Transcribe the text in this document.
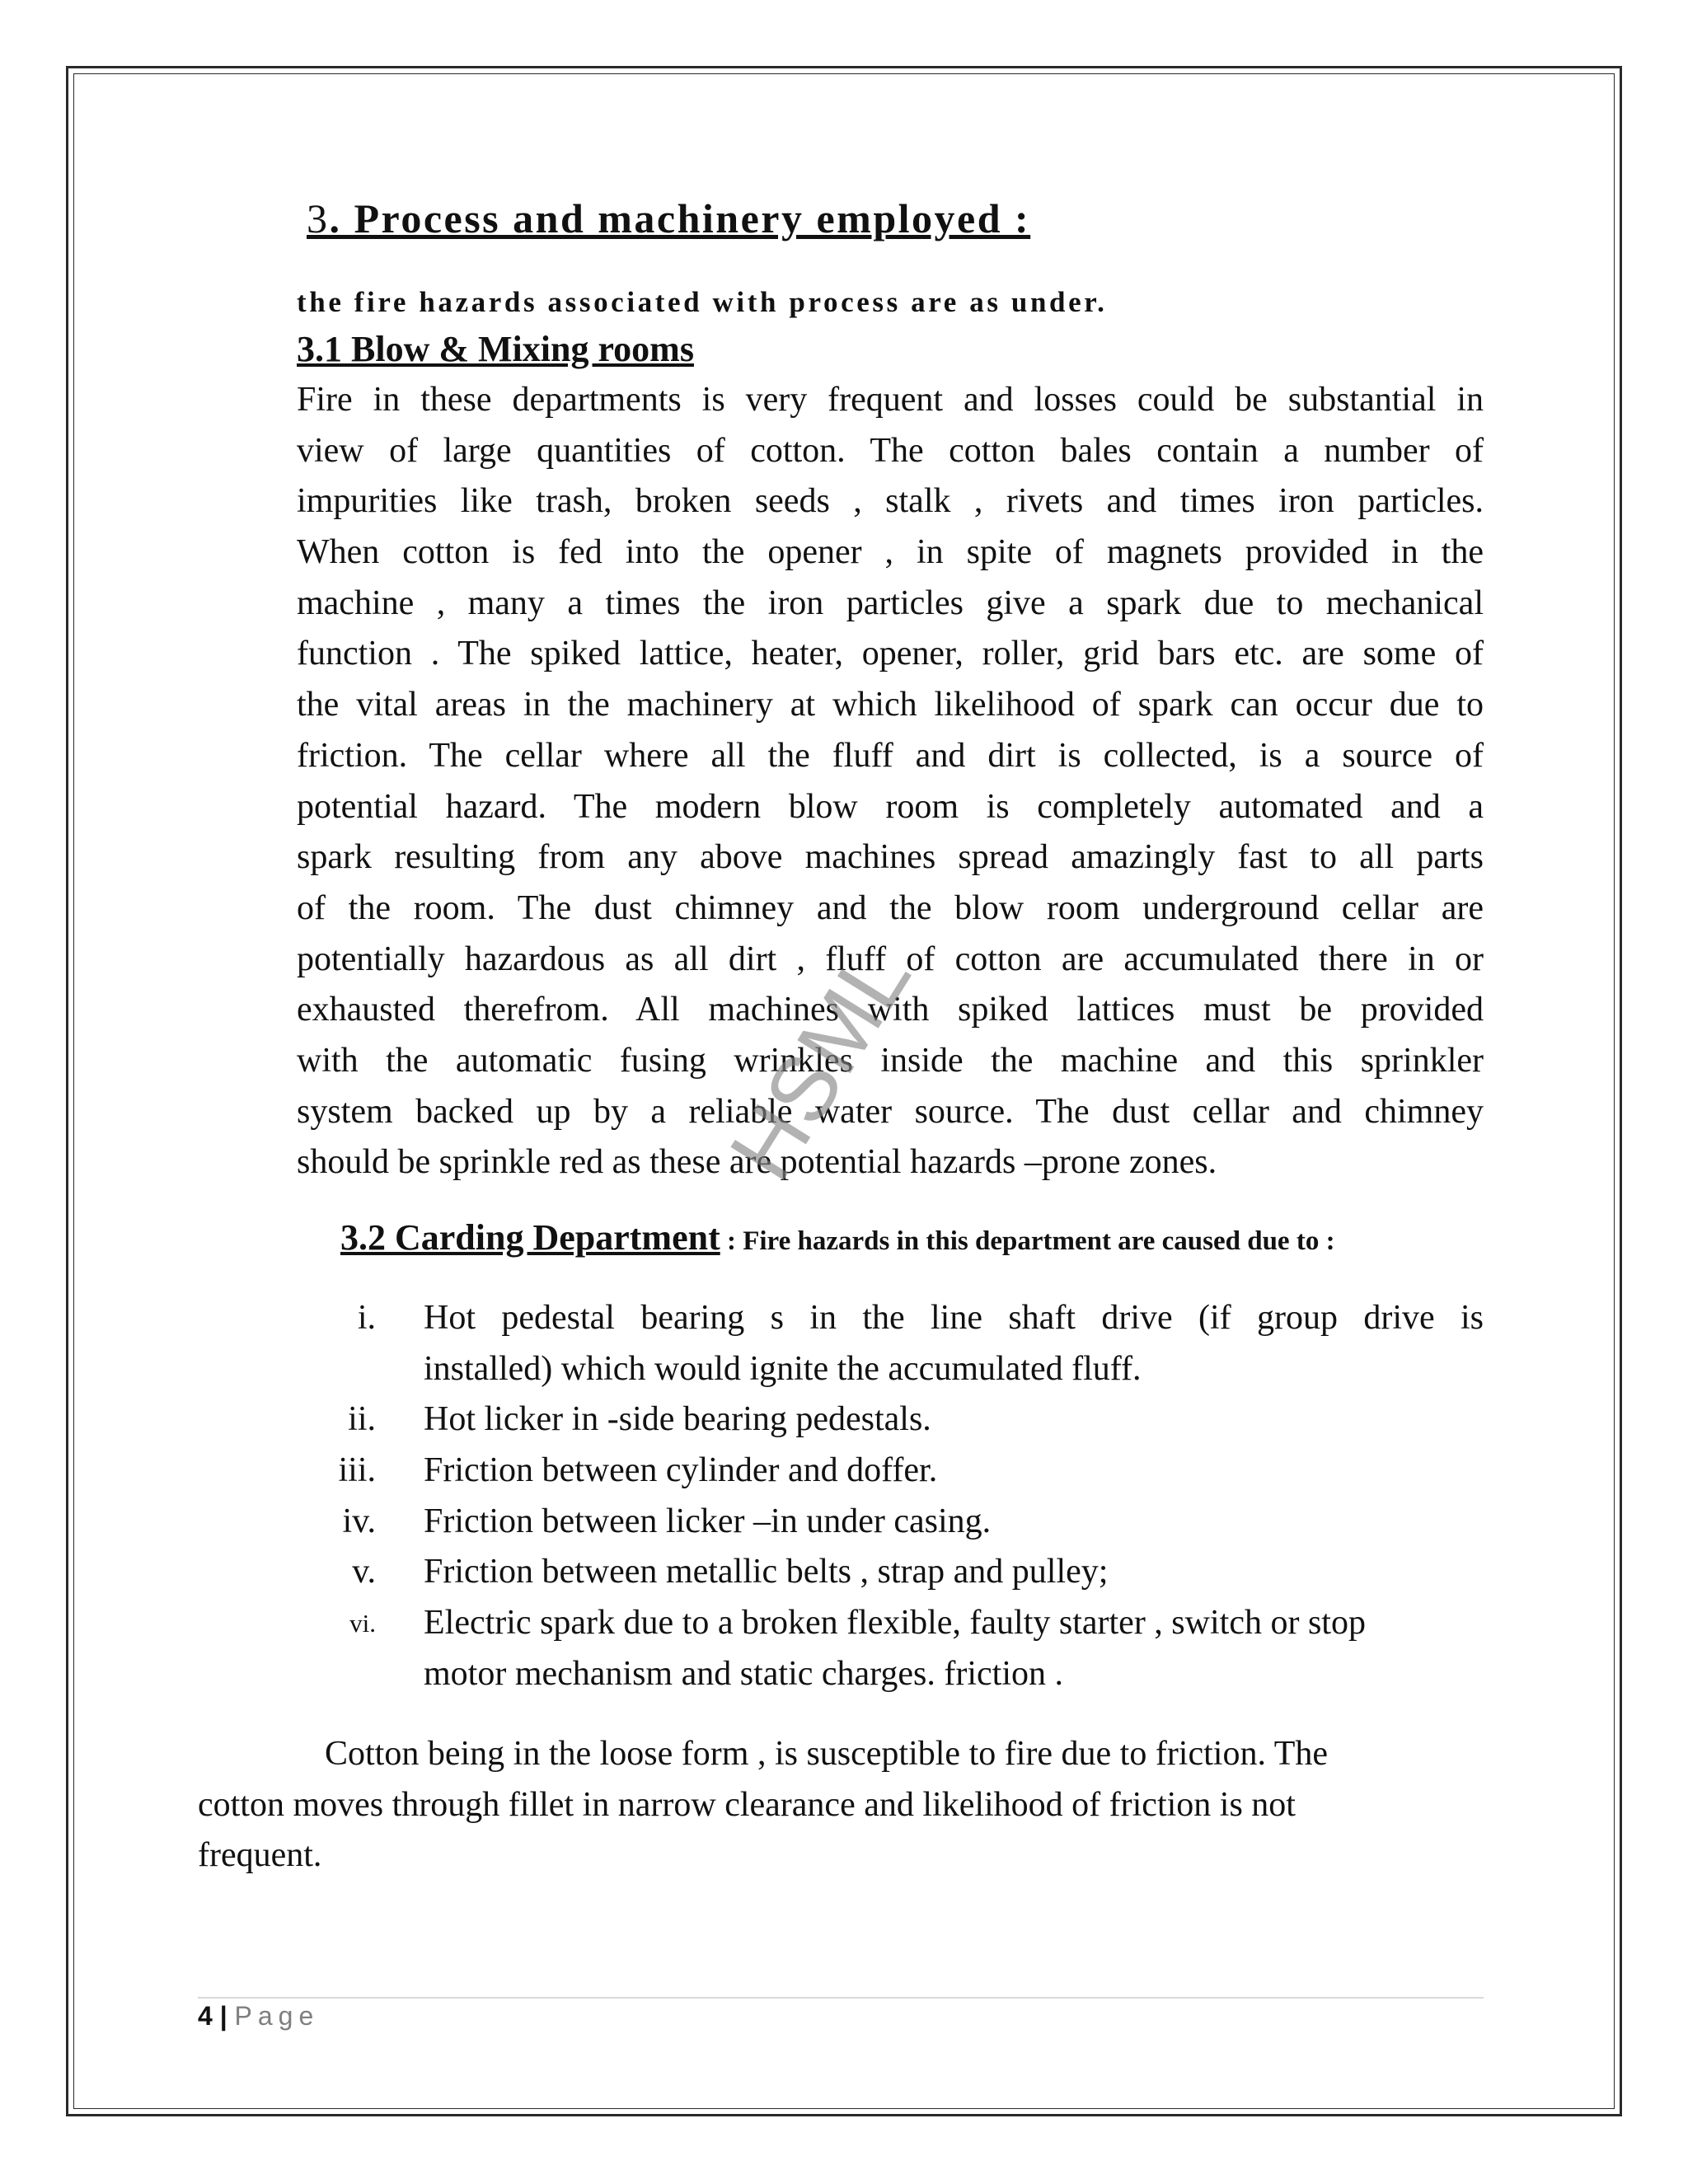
3. Process and machinery employed :
the fire hazards associated with process are as under.
3.1 Blow & Mixing rooms
Fire in these departments is very frequent and losses could be substantial in
view of large quantities of cotton. The cotton bales contain a number of
impurities like trash, broken seeds , stalk , rivets and times iron particles.
When cotton is fed into the opener , in spite of magnets provided in the
machine , many a times the iron particles give a spark due to mechanical
function . The spiked lattice, heater, opener, roller, grid bars etc. are some of
the vital areas in the machinery at which likelihood of spark can occur due to
friction. The cellar where all the fluff and dirt is collected, is a source of
potential hazard. The modern blow room is completely automated and a
spark resulting from any above machines spread amazingly fast to all parts
of the room. The dust chimney and the blow room underground cellar are
potentially hazardous as all dirt , fluff of cotton are accumulated there in or
exhausted therefrom. All machines with spiked lattices must be provided
with the automatic fusing wrinkles inside the machine and this sprinkler
system backed up by a reliable water source. The dust cellar and chimney
should be sprinkle red as these are potential hazards –prone zones.
3.2 Carding Department : Fire hazards in this department are caused due to :
i.	Hot pedestal bearing s in the line shaft drive (if group drive is
installed) which would ignite the accumulated fluff.
ii.	Hot licker in -side bearing pedestals.
iii.	Friction between cylinder and doffer.
iv.	Friction between licker –in under casing.
v.	Friction between metallic belts , strap and pulley;
vi.	Electric spark due to a broken flexible, faulty starter , switch or stop
motor mechanism and static charges. friction .
Cotton being in the loose form , is susceptible to fire due to friction. The
cotton moves through fillet in narrow clearance and likelihood of friction is not
frequent.
HSML
4 | Page
